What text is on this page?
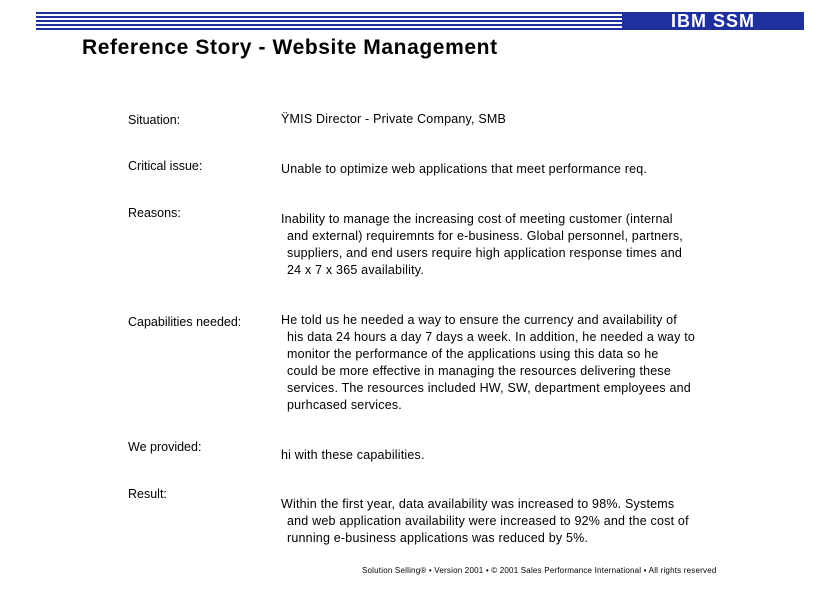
IBM SSM
Reference Story - Website Management
Situation:	ŸMIS Director - Private Company, SMB
Critical issue:	Unable to optimize web applications that meet performance req.
Reasons:	Inability to manage the increasing cost of meeting customer (internal
and external) requiremnts for e-business. Global personnel, partners,
suppliers, and end users require high application response times and
24 x 7 x 365 availability.
Capabilities needed:	He told us he needed a way to ensure the currency and availability of
his data 24 hours a day 7 days a week. In addition, he needed a way to
monitor the performance of the applications using this data so he
could be more effective in managing the resources delivering these
services. The resources included HW, SW, department employees and
purhcased services.
We provided:
hi with these capabilities.
Result:
Within the first year, data availability was increased to 98%. Systems
and web application availability were increased to 92% and the cost of
running e-business applications was reduced by 5%.
Solution Selling® • Version 2001 • © 2001 Sales Performance International • All rights reserved
